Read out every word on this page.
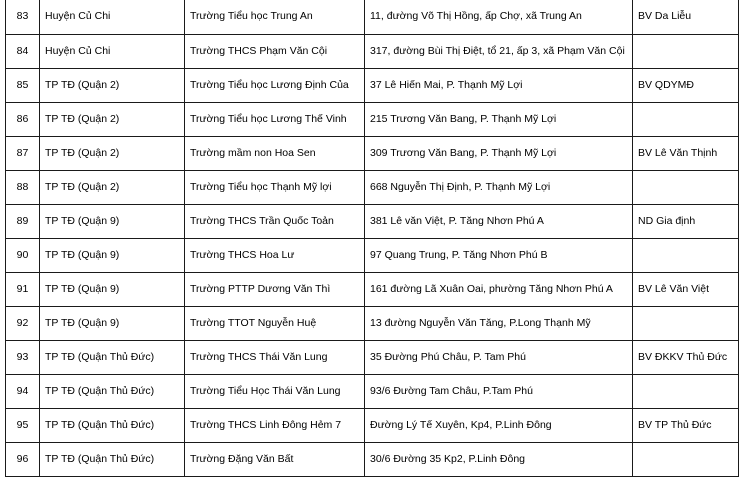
83	Huyện Củ Chi	Trường Tiểu học Trung An	11, đường Võ Thị Hồng, ấp Chợ, xã Trung An	BV Da Liễu
84	Huyện Củ Chi	Trường THCS Phạm Văn Cội	317, đường Bùi Thị Điệt, tổ 21, ấp 3, xã Phạm Văn Cội	
85	TP TĐ (Quận 2)	Trường Tiểu học Lương Định Của	37 Lê Hiến Mai, P. Thạnh Mỹ Lợi	BV QDYMĐ
86	TP TĐ (Quận 2)	Trường Tiểu học Lương Thế Vinh	215 Trương Văn Bang, P. Thạnh Mỹ Lợi	
87	TP TĐ (Quận 2)	Trường mầm non Hoa Sen	309 Trương Văn Bang, P. Thạnh Mỹ Lợi	BV Lê Văn Thịnh
88	TP TĐ (Quận 2)	Trường Tiểu học Thạnh Mỹ lợi	668 Nguyễn Thị Định, P. Thạnh Mỹ Lợi	
89	TP TĐ (Quận 9)	Trường THCS Trần Quốc Toản	381 Lê văn Việt, P. Tăng Nhơn Phú A	ND Gia định
90	TP TĐ (Quận 9)	Trường THCS Hoa Lư	97 Quang Trung, P. Tăng Nhơn Phú B	
91	TP TĐ (Quận 9)	Trường PTTP Dương Văn Thì	161 đường Lã Xuân Oai, phường Tăng Nhơn Phú A	BV Lê Văn Việt
92	TP TĐ (Quận 9)	Trường TTOT Nguyễn Huệ	13 đường Nguyễn Văn Tăng, P.Long Thạnh Mỹ	
93	TP TĐ (Quận Thủ Đức)	Trường THCS Thái Văn Lung	35 Đường Phú Châu, P. Tam Phú	BV ĐKKV Thủ Đức
94	TP TĐ (Quận Thủ Đức)	Trường Tiểu Học Thái Văn Lung	93/6 Đường Tam Châu, P.Tam Phú	
95	TP TĐ (Quận Thủ Đức)	Trường THCS Linh Đông Hẻm 7	Đường Lý Tế Xuyên, Kp4, P.Linh Đông	BV TP Thủ Đức
96	TP TĐ (Quận Thủ Đức)	Trường Đặng Văn Bất	30/6 Đường 35 Kp2, P.Linh Đông	
